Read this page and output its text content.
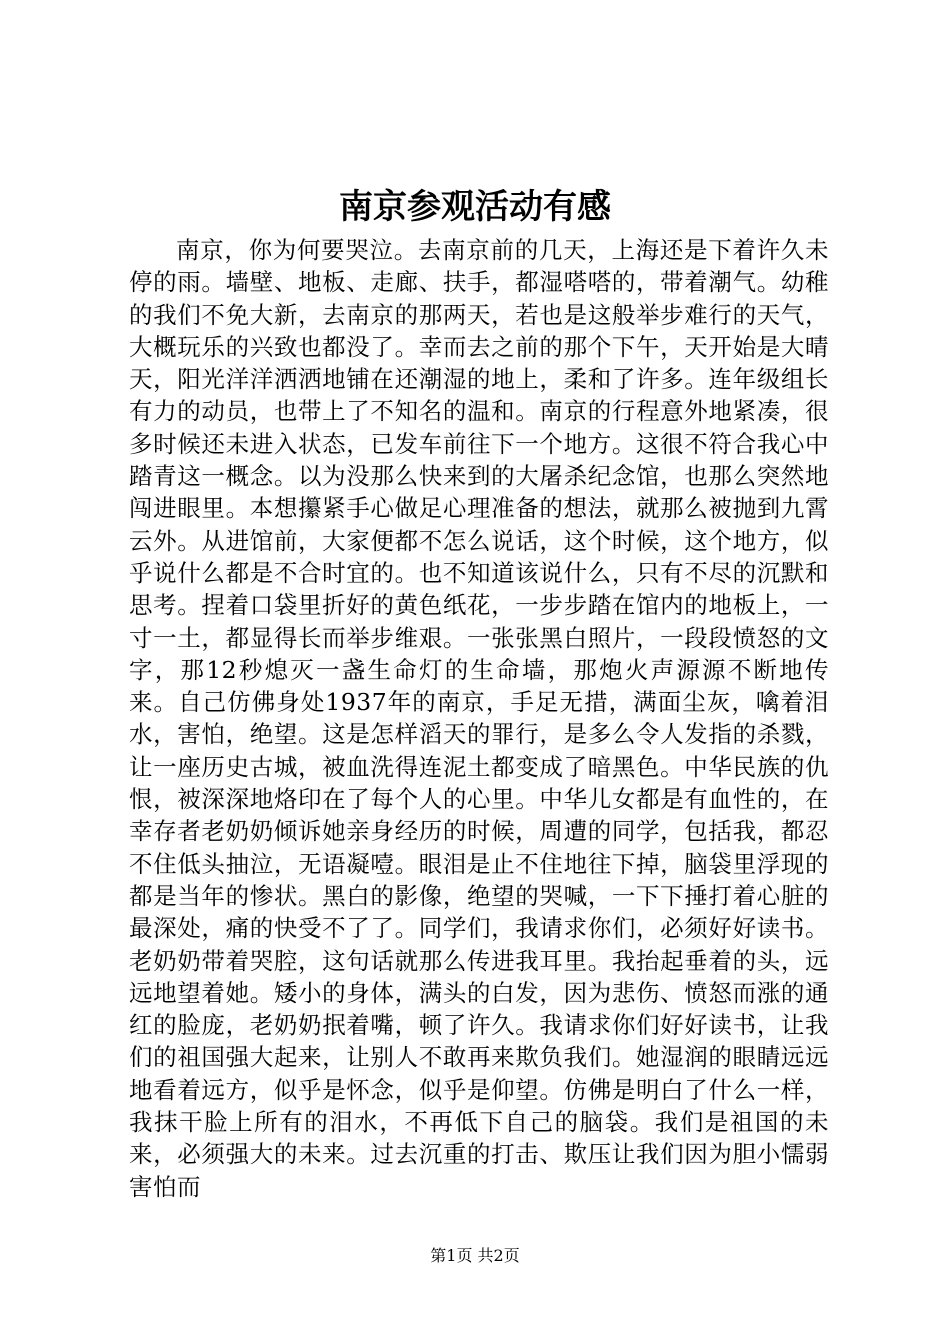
南京参观活动有感

南京，你为何要哭泣。去南京前的几天，上海还是下着许久未停的雨。墙壁、地板、走廊、扶手，都湿嗒嗒的，带着潮气。幼稚的我们不免大新，去南京的那两天，若也是这般举步难行的天气，大概玩乐的兴致也都没了。幸而去之前的那个下午，天开始是大晴天，阳光洋洋洒洒地铺在还潮湿的地上，柔和了许多。连年级组长有力的动员，也带上了不知名的温和。南京的行程意外地紧凑，很多时候还未进入状态，已发车前往下一个地方。这很不符合我心中踏青这一概念。以为没那么快来到的大屠杀纪念馆，也那么突然地闯进眼里。本想攥紧手心做足心理准备的想法，就那么被抛到九霄云外。从进馆前，大家便都不怎么说话，这个时候，这个地方，似乎说什么都是不合时宜的。也不知道该说什么，只有不尽的沉默和思考。捏着口袋里折好的黄色纸花，一步步踏在馆内的地板上，一寸一土，都显得长而举步维艰。一张张黑白照片，一段段愤怒的文字，那12秒熄灭一盏生命灯的生命墙，那炮火声源源不断地传来。自己仿佛身处1937年的南京，手足无措，满面尘灰，噙着泪水，害怕，绝望。这是怎样滔天的罪行，是多么令人发指的杀戮，让一座历史古城，被血洗得连泥土都变成了暗黑色。中华民族的仇恨，被深深地烙印在了每个人的心里。中华儿女都是有血性的，在幸存者老奶奶倾诉她亲身经历的时候，周遭的同学，包括我，都忍不住低头抽泣，无语凝噎。眼泪是止不住地往下掉，脑袋里浮现的都是当年的惨状。黑白的影像，绝望的哭喊，一下下捶打着心脏的最深处，痛的快受不了了。同学们，我请求你们，必须好好读书。老奶奶带着哭腔，这句话就那么传进我耳里。我抬起垂着的头，远远地望着她。矮小的身体，满头的白发，因为悲伤、愤怒而涨的通红的脸庞，老奶奶抿着嘴，顿了许久。我请求你们好好读书，让我们的祖国强大起来，让别人不敢再来欺负我们。她湿润的眼睛远远地看着远方，似乎是怀念，似乎是仰望。仿佛是明白了什么一样，我抹干脸上所有的泪水，不再低下自己的脑袋。我们是祖国的未来，必须强大的未来。过去沉重的打击、欺压让我们因为胆小懦弱害怕而

第1页 共2页
